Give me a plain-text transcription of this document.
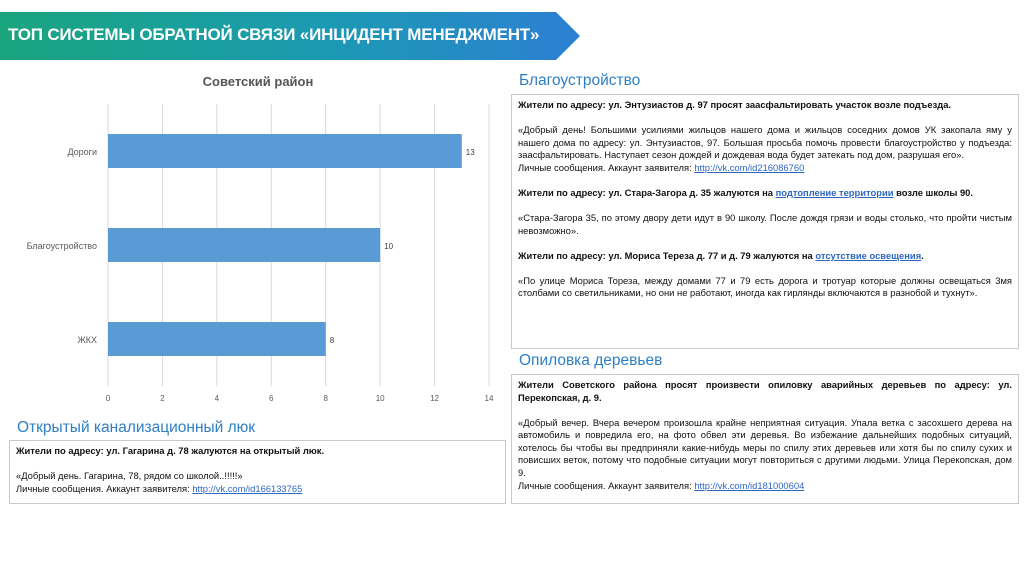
ТОП СИСТЕМЫ ОБРАТНОЙ СВЯЗИ «ИНЦИДЕНТ МЕНЕДЖМЕНТ»
Советский район
0	2	4	6	8	10	12	14
13
Дороги
10
Благоустройство
8
ЖКХ
Благоустройство

Жители по адресу: ул. Энтузиастов д. 97 просят заасфальтировать участок возле подъезда.

«Добрый день! Большими усилиями жильцов нашего дома и жильцов соседних домов УК закопала яму у нашего дома по адресу: ул. Энтузиастов, 97. Большая просьба помочь провести благоустройство у подъезда: заасфальтировать. Наступает сезон дождей и дождевая вода будет затекать под дом, разрушая его».

Личные сообщения. Аккаунт заявителя: http://vk.com/id216086760

Жители по адресу: ул. Стара-Загора д. 35 жалуются на подтопление территории возле школы 90.

«Стара-Загора 35, по этому двору дети идут в 90 школу. После дождя грязи и воды столько, что пройти чистым невозможно».

Жители по адресу: ул. Мориса Тереза д. 77 и д. 79 жалуются на отсутствие освещения.

«По улице Мориса Тореза, между домами 77 и 79 есть дорога и тротуар которые должны освещаться 3мя столбами со светильниками, но они не работают, иногда как гирлянды включаются в разнобой и тухнут».

Опиловка деревьев

Жители Советского района просят произвести опиловку аварийных деревьев по адресу: ул. Перекопская, д. 9.

«Добрый вечер. Вчера вечером произошла крайне неприятная ситуация. Упала ветка с засохшего дерева на автомобиль и повредила его, на фото обвел эти деревья. Во избежание дальнейших подобных ситуаций, хотелось бы чтобы вы предприняли какие-нибудь меры по спилу этих деревьев или хотя бы по спилу сухих и повисших веток, потому что подобные ситуации могут повториться с другими людьми. Улица Перекопская, дом 9.

Личные сообщения. Аккаунт заявителя: http://vk.com/id181000604

Открытый канализационный люк

Жители по адресу: ул. Гагарина д. 78 жалуются на открытый люк.

«Добрый день. Гагарина, 78, рядом со школой..!!!!!»

Личные сообщения. Аккаунт заявителя: http://vk.com/id166133765
